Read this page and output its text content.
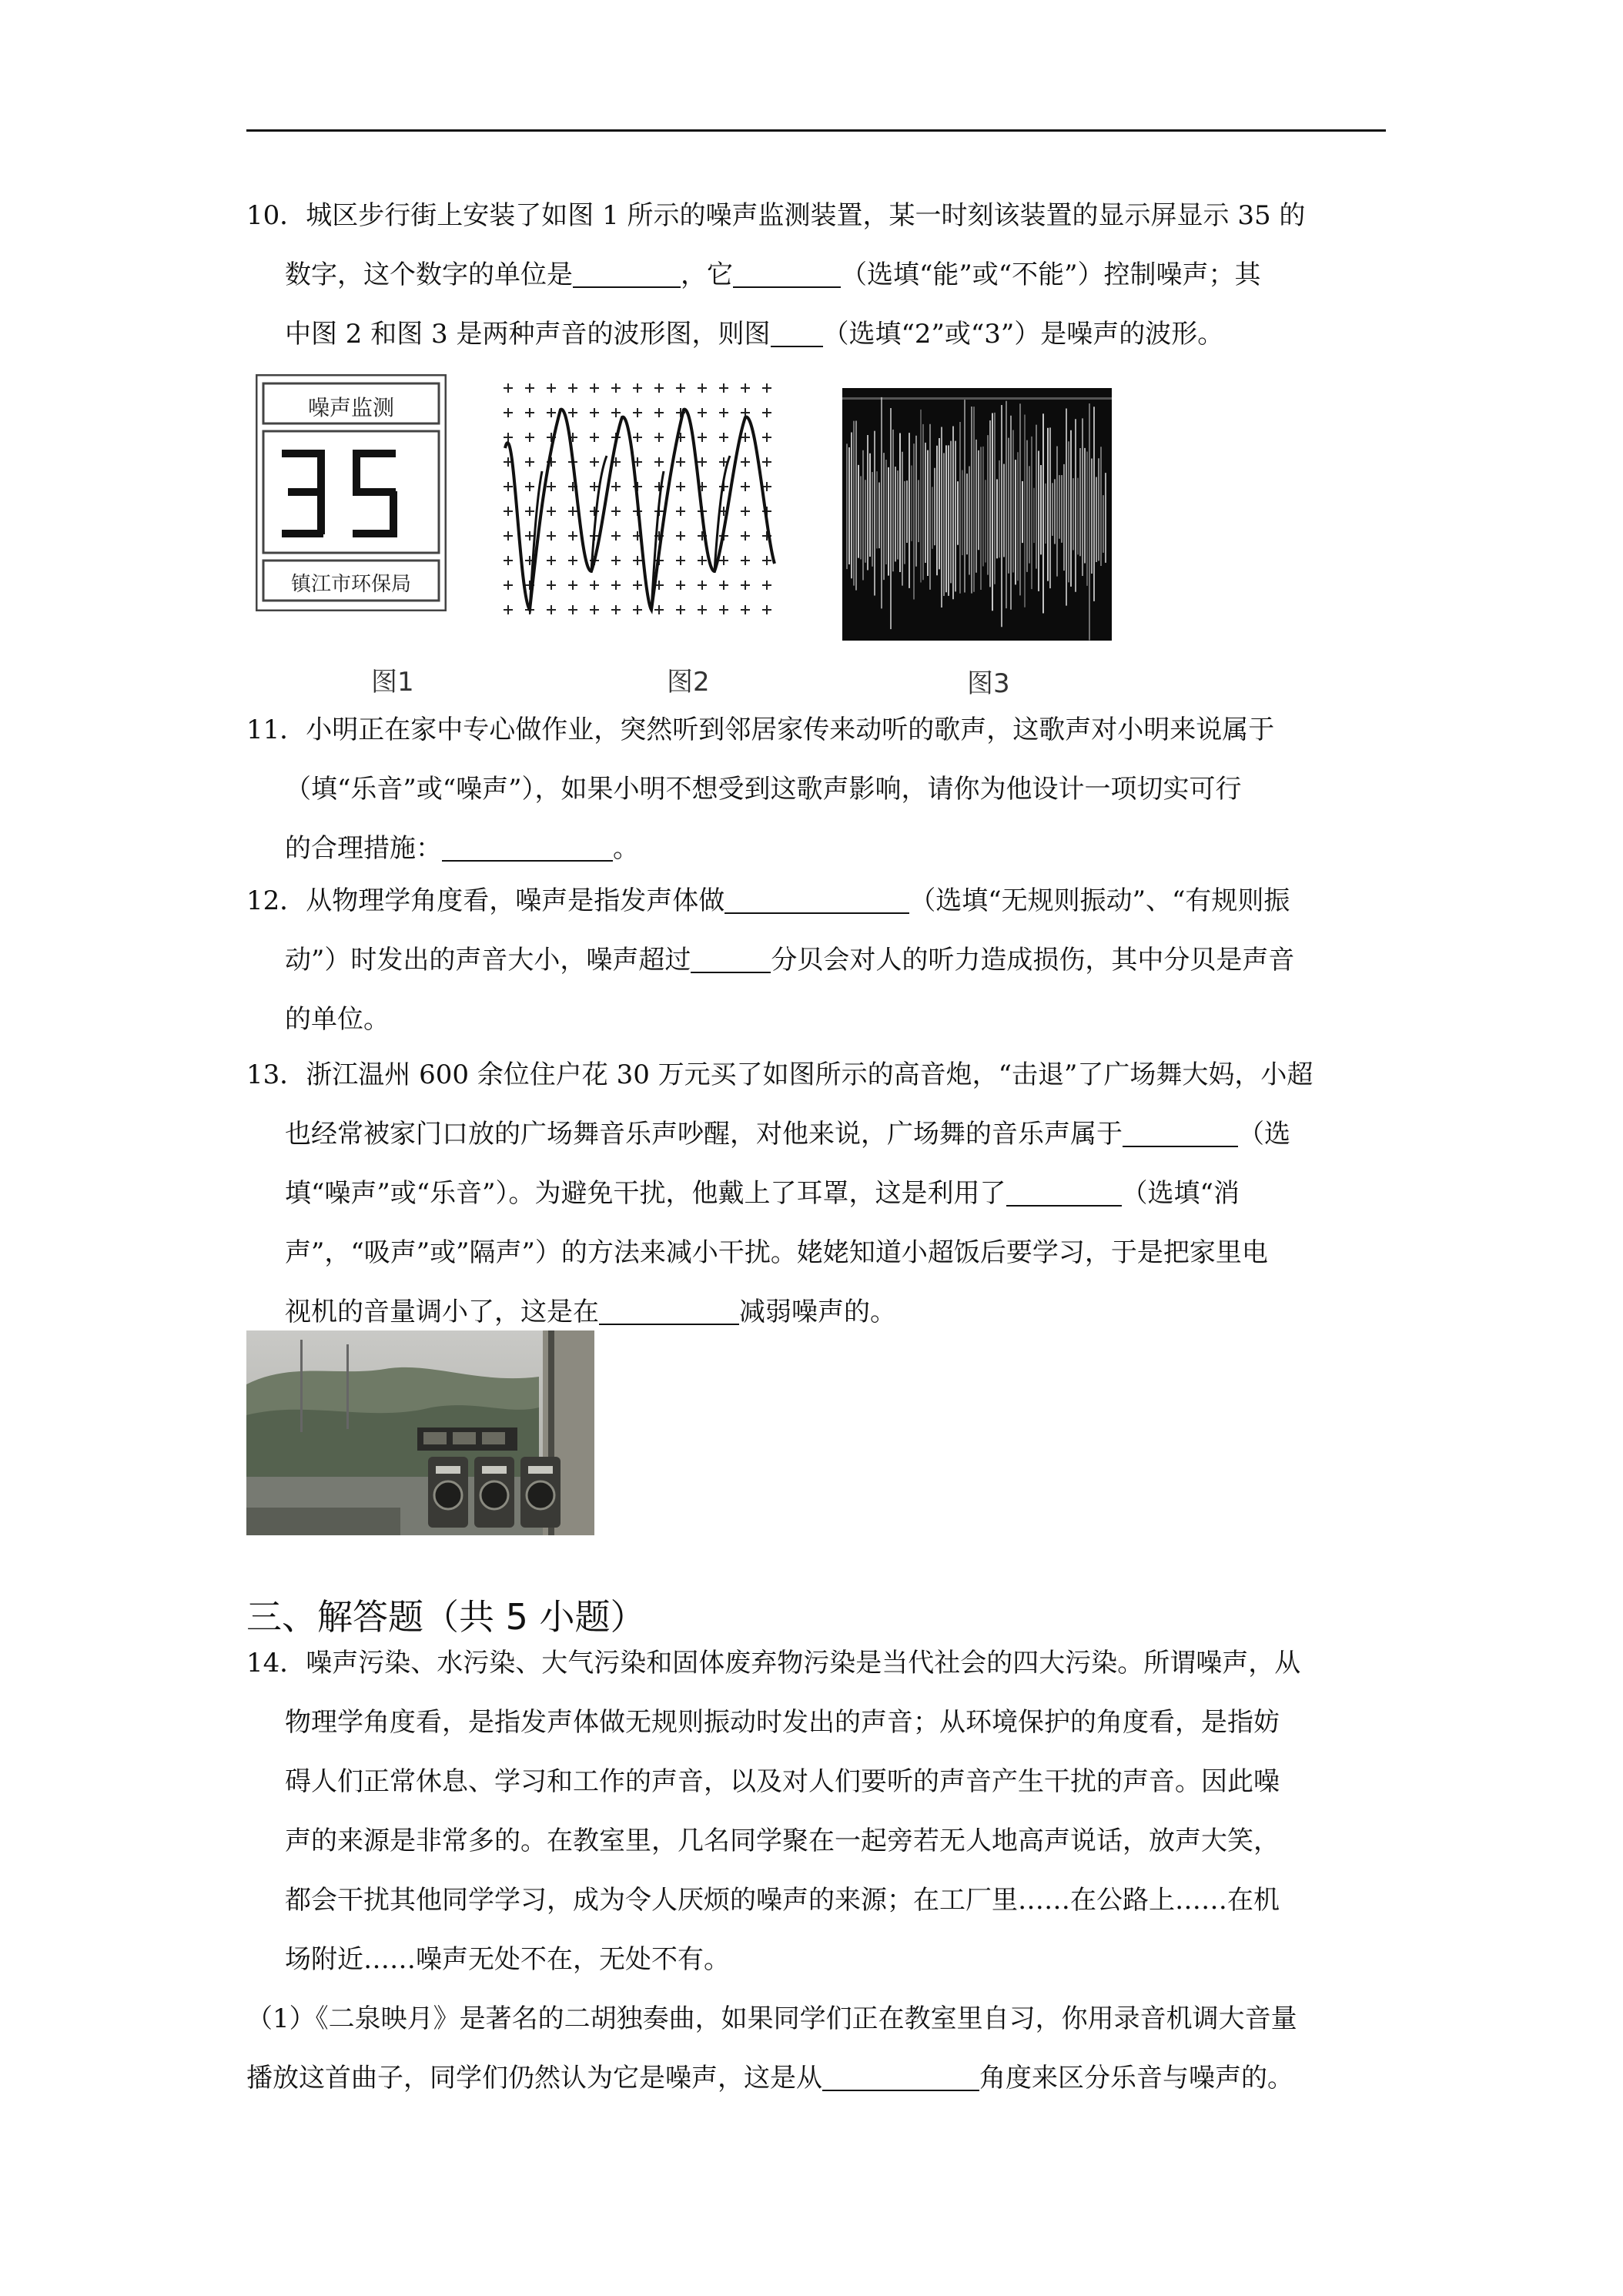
10．城区步行街上安装了如图 1 所示的噪声监测装置，某一时刻该装置的显示屏显示 35 的

数字，这个数字的单位是	，它	（选填“能”或“不能”）控制噪声；其

中图 2 和图 3 是两种声音的波形图，则图 （选填“2”或“3”）是噪声的波形。

噪声监测
镇江市环保局
图1	图2	图3

11．小明正在家中专心做作业，突然听到邻居家传来动听的歌声，这歌声对小明来说属于

（填“乐音”或“噪声”），如果小明不想受到这歌声影响，请你为他设计一项切实可行

的合理措施：	。

12．从物理学角度看，噪声是指发声体做	（选填“无规则振动”、“有规则振

动”）时发出的声音大小，噪声超过	分贝会对人的听力造成损伤，其中分贝是声音

的单位。

13．浙江温州 600 余位住户花 30 万元买了如图所示的高音炮，“击退”了广场舞大妈，小超

也经常被家门口放的广场舞音乐声吵醒，对他来说，广场舞的音乐声属于	（选

填“噪声”或“乐音”）。为避免干扰，他戴上了耳罩，这是利用了	（选填“消

声”，“吸声”或”隔声”）的方法来减小干扰。姥姥知道小超饭后要学习，于是把家里电

视机的音量调小了，这是在	减弱噪声的。

三、解答题（共 5 小题）

14．噪声污染、水污染、大气污染和固体废弃物污染是当代社会的四大污染。所谓噪声，从

物理学角度看，是指发声体做无规则振动时发出的声音；从环境保护的角度看，是指妨

碍人们正常休息、学习和工作的声音，以及对人们要听的声音产生干扰的声音。因此噪

声的来源是非常多的。在教室里，几名同学聚在一起旁若无人地高声说话，放声大笑，

都会干扰其他同学学习，成为令人厌烦的噪声的来源；在工厂里……在公路上……在机

场附近……噪声无处不在，无处不有。

（1）《二泉映月》是著名的二胡独奏曲，如果同学们正在教室里自习，你用录音机调大音量

播放这首曲子，同学们仍然认为它是噪声，这是从	角度来区分乐音与噪声的。
